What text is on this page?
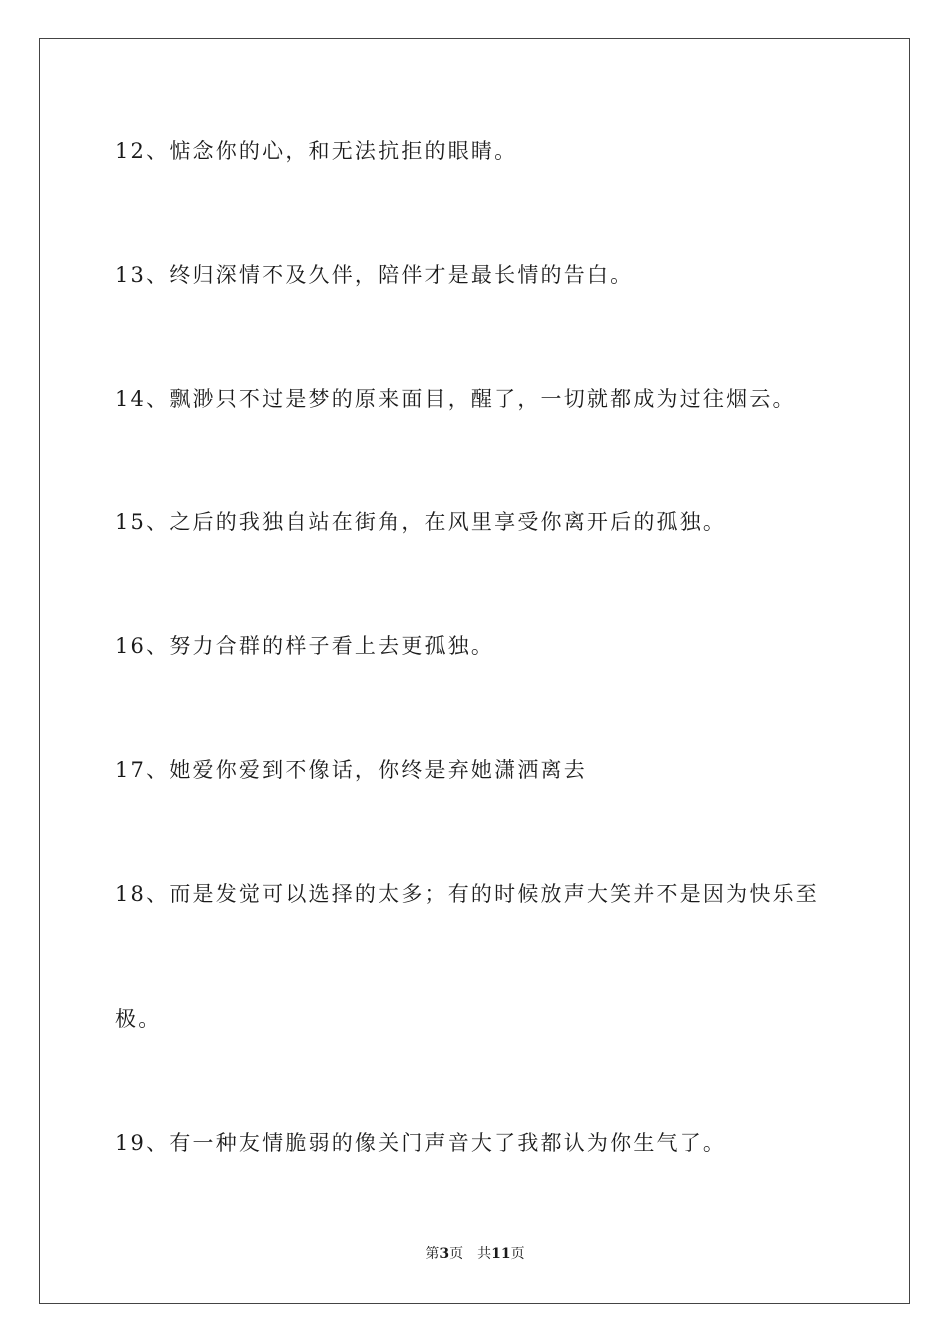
12、惦念你的心，和无法抗拒的眼睛。
13、终归深情不及久伴，陪伴才是最长情的告白。
14、飘渺只不过是梦的原来面目，醒了，一切就都成为过往烟云。
15、之后的我独自站在街角，在风里享受你离开后的孤独。
16、努力合群的样子看上去更孤独。
17、她爱你爱到不像话，你终是弃她潇洒离去
18、而是发觉可以选择的太多；有的时候放声大笑并不是因为快乐至
极。
19、有一种友情脆弱的像关门声音大了我都认为你生气了。
第3页 共11页
